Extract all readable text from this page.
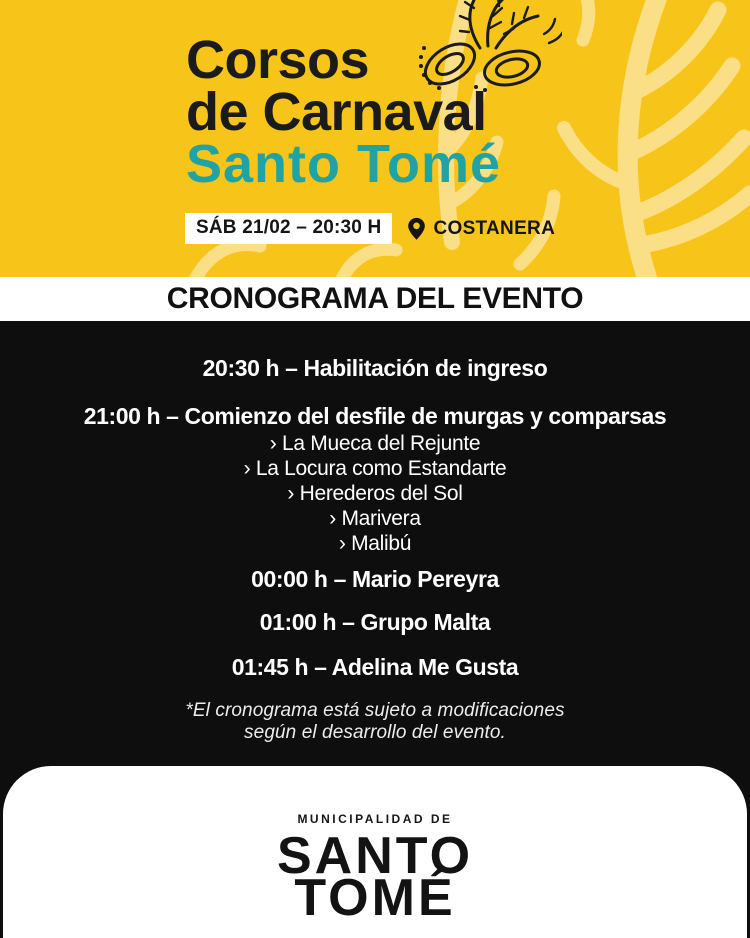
Corsos
de Carnaval
Santo Tomé
SÁB 21/02 – 20:30 H	COSTANERA
CRONOGRAMA DEL EVENTO
20:30 h – Habilitación de ingreso
21:00 h – Comienzo del desfile de murgas y comparsas
› La Mueca del Rejunte
› La Locura como Estandarte
› Herederos del Sol
› Marivera
› Malibú
00:00 h – Mario Pereyra
01:00 h – Grupo Malta
01:45 h – Adelina Me Gusta
*El cronograma está sujeto a modificaciones
según el desarrollo del evento.
MUNICIPALIDAD DE
SANTO
TOMÉ
